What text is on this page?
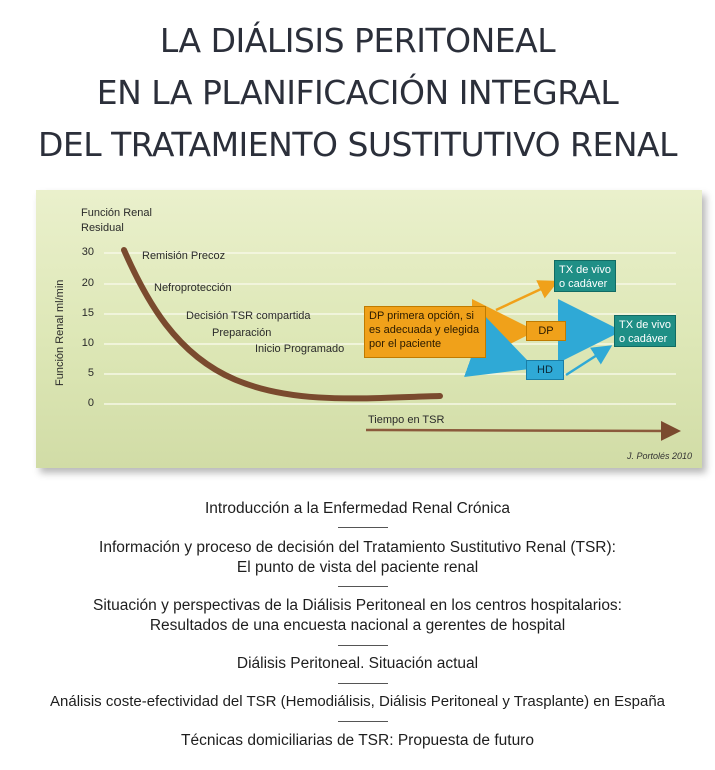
LA DIÁLISIS PERITONEAL
EN LA PLANIFICACIÓN INTEGRAL
DEL TRATAMIENTO SUSTITUTIVO RENAL
Función Renal
Residual
Función Renal ml/min
30
20
15
10
5
0
Remisión Precoz
Nefroprotección
Decisión TSR compartida
Preparación
Inicio Programado
Tiempo en TSR
DP primera opción, si es adecuada y elegida por el paciente
TX de vivo o cadáver
DP
HD
TX de vivo o cadáver
J. Portolés 2010
Introducción a la Enfermedad Renal Crónica
Información y proceso de decisión del Tratamiento Sustitutivo Renal (TSR):
El punto de vista del paciente renal
Situación y perspectivas de la Diálisis Peritoneal en los centros hospitalarios:
Resultados de una encuesta nacional a gerentes de hospital
Diálisis Peritoneal. Situación actual
Análisis coste-efectividad del TSR (Hemodiálisis, Diálisis Peritoneal y Trasplante) en España
Técnicas domiciliarias de TSR: Propuesta de futuro
